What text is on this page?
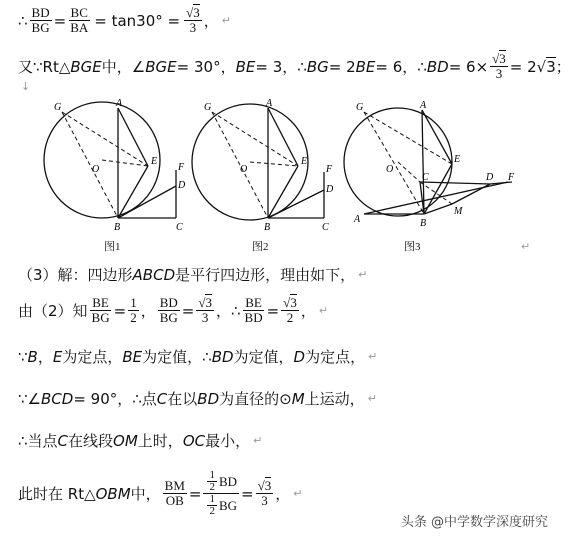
∴ $\frac{BD}{BG} = \frac{BC}{BA} = \tan 30^\circ = \frac{√3}{3}$ ， ↵
又∵Rt△ BGE 中，∠ BGE = 30°， BE = 3，∴ BG = 2 BE = 6，∴ BD = $6\times \frac{√3}{3} = 2$ √3 ；
↓
G	A
E
F
O
D
B	C
图1
G	A
E
F
O
D
B	C
图2
G	A
E
D F
O
C
A	B
M
图3	↵
（3）解：四边形 ABCD 是平行四边形，理由如下， ↵
由（2）知 $\frac{BE}{BG} = \frac{1}{2}$ ， $\frac{BD}{BG} = \frac{√3}{3}$ ，∴ $\frac{BE}{BD} = \frac{√3}{2}$ ， ↵
∵ B ， E 为定点， BE 为定值，∴ BD 为定值， D 为定点， ↵
∵∠ BCD = 90°，∴点 C 在以 BD 为直径的⊙ M 上运动， ↵
∴当点 C 在线段 OM 上时， OC 最小， ↵
此时在 Rt△ OBM 中， $\frac{BM}{OB} = \frac{\frac{1}{2} BD}{\frac{1}{2} BG} = \frac{√3}{3}$ ， ↵
头条 @中学数学深度研究
